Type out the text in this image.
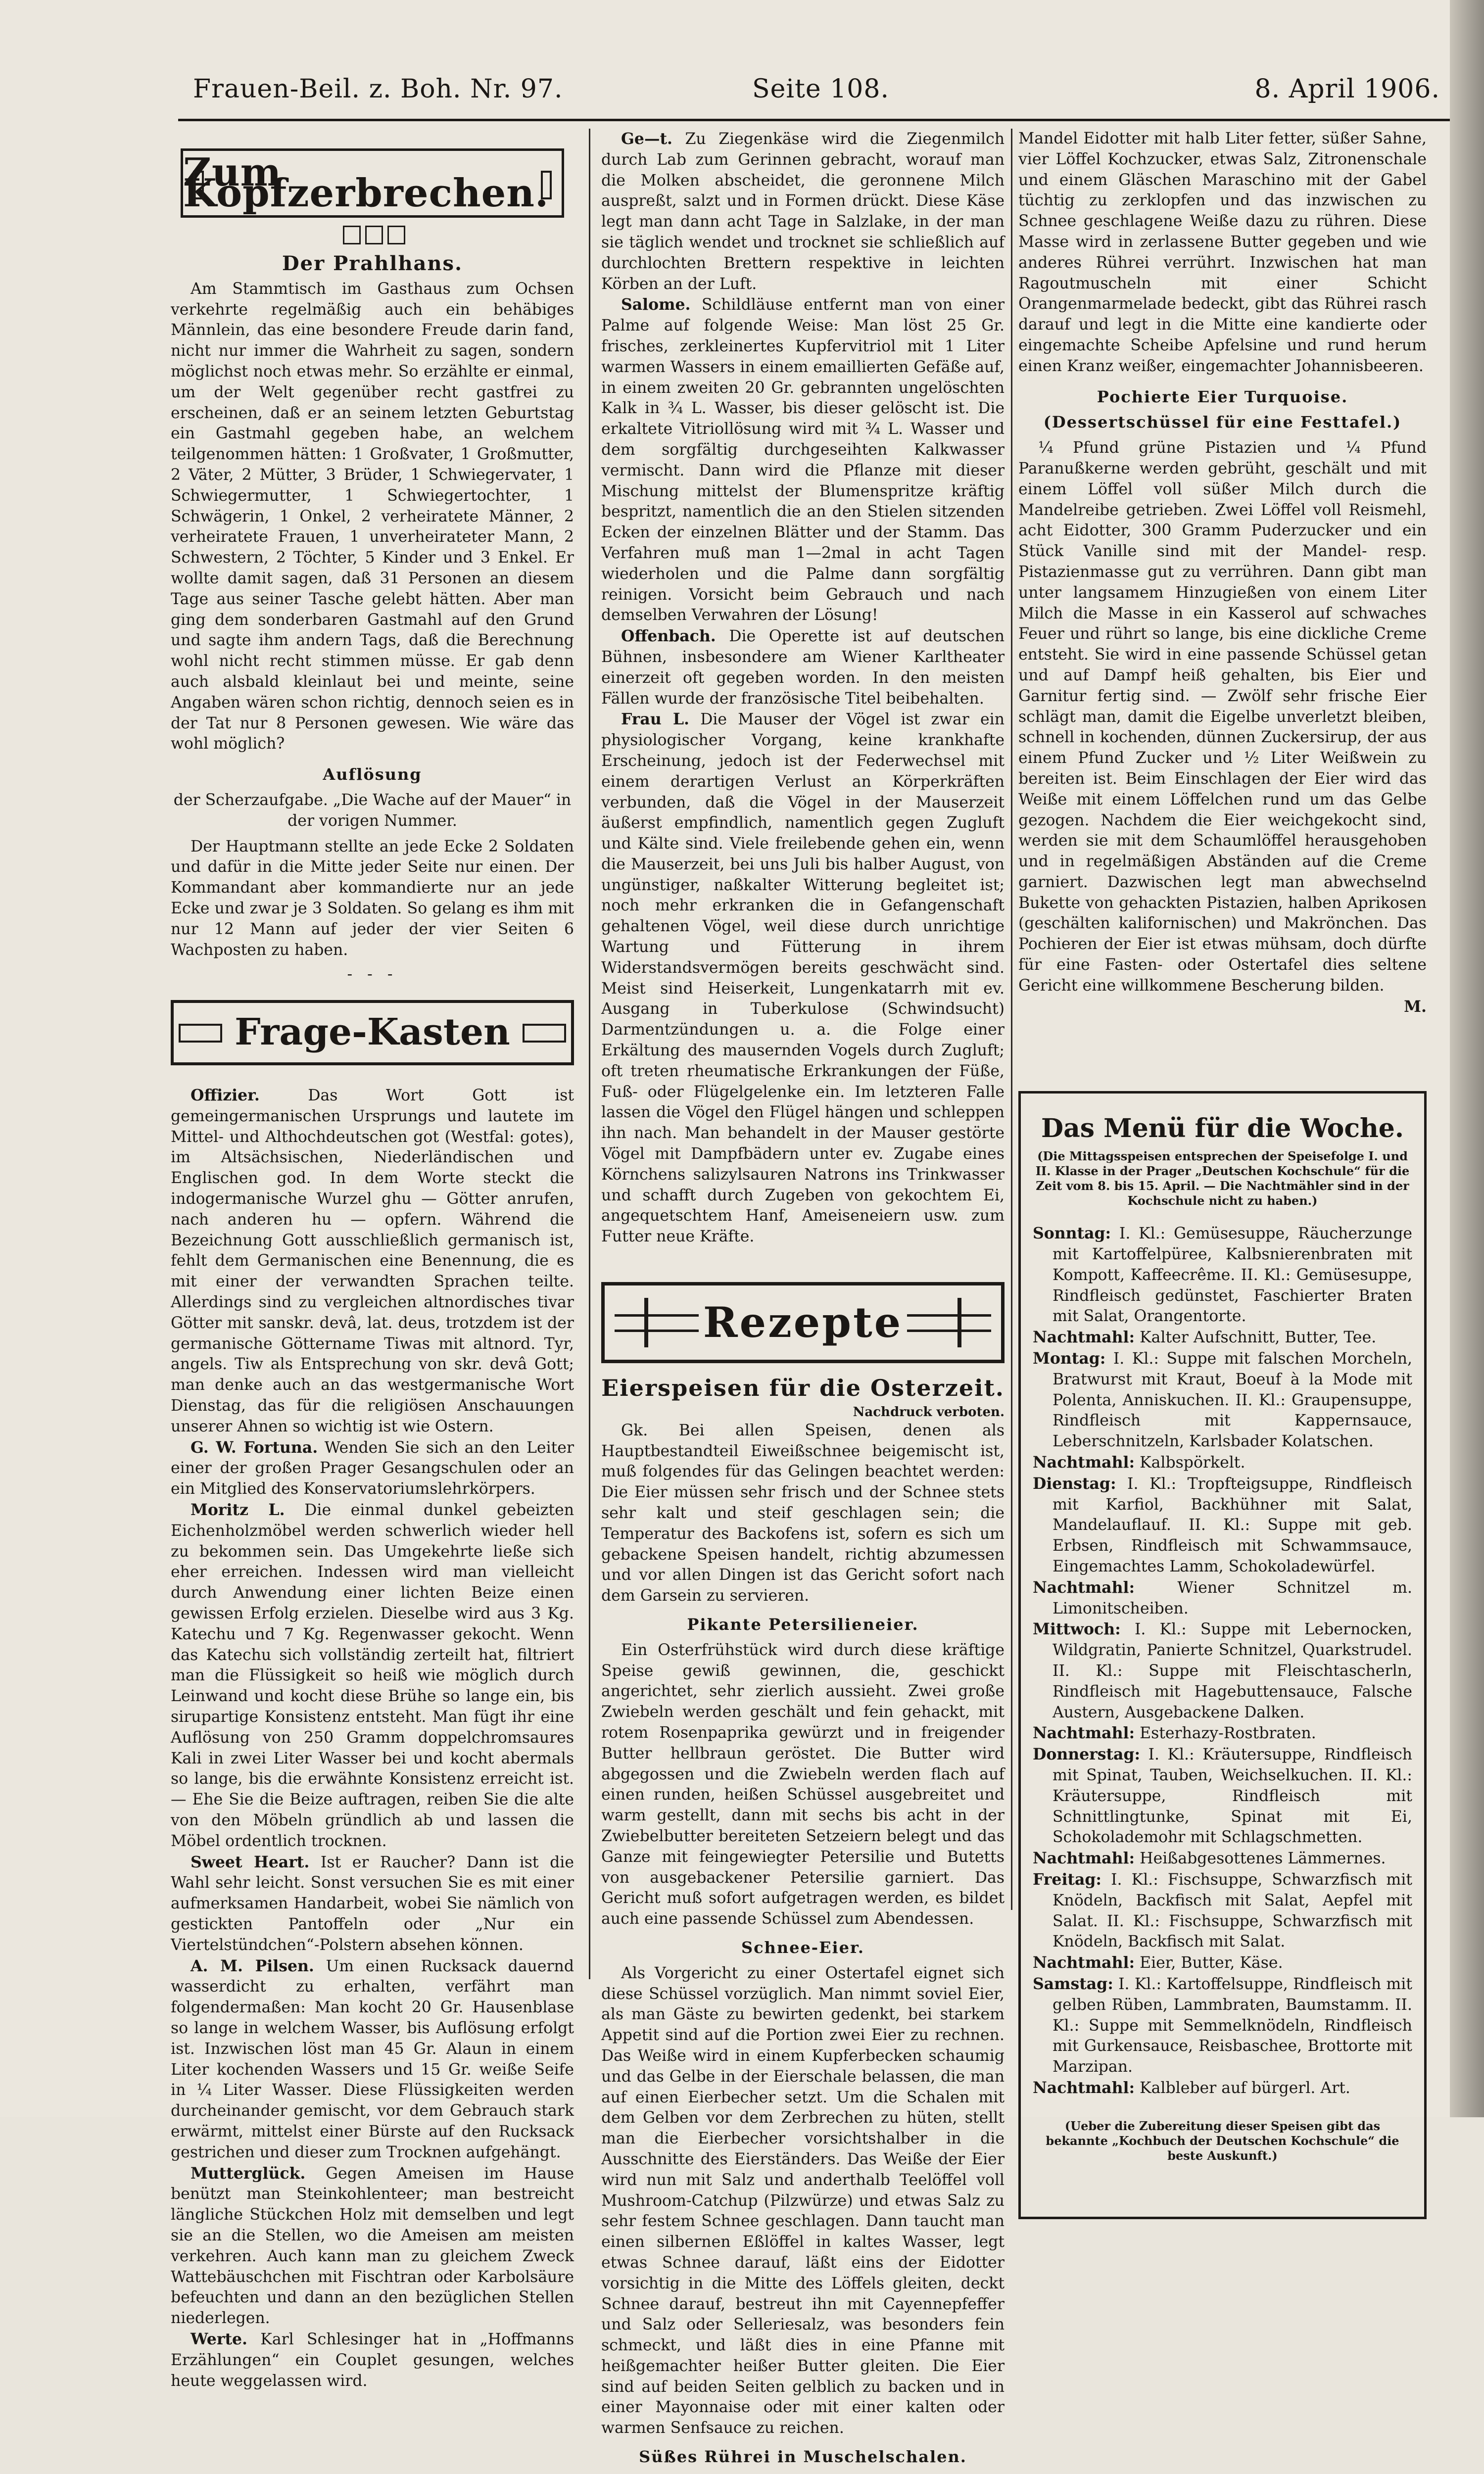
Frauen-Beil. z. Boh. Nr. 97.	Seite 108.	8. April 1906.
Zum Kopfzerbrechen.
Der Prahlhans.

Am Stammtisch im Gasthaus zum Ochsen verkehrte regelmäßig auch ein behäbiges Männlein, das eine besondere Freude darin fand, nicht nur immer die Wahrheit zu sagen, sondern möglichst noch etwas mehr. So erzählte er einmal, um der Welt gegenüber recht gastfrei zu erscheinen, daß er an seinem letzten Geburtstag ein Gastmahl gegeben habe, an welchem teilgenommen hätten: 1 Großvater, 1 Großmutter, 2 Väter, 2 Mütter, 3 Brüder, 1 Schwiegervater, 1 Schwiegermutter, 1 Schwiegertochter, 1 Schwägerin, 1 Onkel, 2 verheiratete Männer, 2 verheiratete Frauen, 1 unverheirateter Mann, 2 Schwestern, 2 Töchter, 5 Kinder und 3 Enkel. Er wollte damit sagen, daß 31 Personen an diesem Tage aus seiner Tasche gelebt hätten. Aber man ging dem sonderbaren Gastmahl auf den Grund und sagte ihm andern Tags, daß die Berechnung wohl nicht recht stimmen müsse. Er gab denn auch alsbald kleinlaut bei und meinte, seine Angaben wären schon richtig, dennoch seien es in der Tat nur 8 Personen gewesen. Wie wäre das wohl möglich?

Auflösung

der Scherzaufgabe. „Die Wache auf der Mauer“ in der vorigen Nummer.

Der Hauptmann stellte an jede Ecke 2 Soldaten und dafür in die Mitte jeder Seite nur einen. Der Kommandant aber kommandierte nur an jede Ecke und zwar je 3 Soldaten. So gelang es ihm mit nur 12 Mann auf jeder der vier Seiten 6 Wachposten zu haben.

- - -
Frage-Kasten

Offizier.	Das Wort Gott ist gemeingermanischen Ursprungs und lautete im Mittel- und Althochdeutschen got (Westfal: gotes), im Altsächsischen, Niederländischen und Englischen god. In dem Worte steckt die indogermanische Wurzel ghu — Götter anrufen, nach anderen hu — opfern. Während die Bezeichnung Gott ausschließlich germanisch ist, fehlt dem Germanischen eine Benennung, die es mit einer der verwandten Sprachen teilte. Allerdings sind zu vergleichen altnordisches tivar Götter mit sanskr. devâ, lat. deus, trotzdem ist der germanische Göttername Tiwas mit altnord. Tyr, angels. Tiw als Entsprechung von skr. devâ Gott; man denke auch an das westgermanische Wort Dienstag, das für die religiösen Anschauungen unserer Ahnen so wichtig ist wie Ostern.

G. W. Fortuna. Wenden Sie sich an den Leiter einer der großen Prager Gesangschulen oder an ein Mitglied des Konservatoriumslehrkörpers.

Moritz L. Die einmal dunkel gebeizten Eichenholzmöbel werden schwerlich wieder hell zu bekommen sein. Das Umgekehrte ließe sich eher erreichen. Indessen wird man vielleicht durch Anwendung einer lichten Beize einen gewissen Erfolg erzielen. Dieselbe wird aus 3 Kg. Katechu und 7 Kg. Regenwasser gekocht. Wenn das Katechu sich vollständig zerteilt hat, filtriert man die Flüssigkeit so heiß wie möglich durch Leinwand und kocht diese Brühe so lange ein, bis sirupartige Konsistenz entsteht. Man fügt ihr eine Auflösung von 250 Gramm doppelchromsaures Kali in zwei Liter Wasser bei und kocht abermals so lange, bis die erwähnte Konsistenz erreicht ist. — Ehe Sie die Beize auftragen, reiben Sie die alte von den Möbeln gründlich ab und lassen die Möbel ordentlich trocknen.

Sweet Heart. Ist er Raucher? Dann ist die Wahl sehr leicht. Sonst versuchen Sie es mit einer aufmerksamen Handarbeit, wobei Sie nämlich von gestickten Pantoffeln oder „Nur ein Viertelstündchen“-Polstern absehen können.

A. M. Pilsen. Um einen Rucksack dauernd wasserdicht zu erhalten, verfährt man folgendermaßen: Man kocht 20 Gr. Hausenblase so lange in welchem Wasser, bis Auflösung erfolgt ist. Inzwischen löst man 45 Gr. Alaun in einem Liter kochenden Wassers und 15 Gr. weiße Seife in ¼ Liter Wasser. Diese Flüssigkeiten werden durcheinander gemischt, vor dem Gebrauch stark erwärmt, mittelst einer Bürste auf den Rucksack gestrichen und dieser zum Trocknen aufgehängt.

Mutterglück. Gegen Ameisen im Hause benützt man Steinkohlenteer; man bestreicht längliche Stückchen Holz mit demselben und legt sie an die Stellen, wo die Ameisen am meisten verkehren. Auch kann man zu gleichem Zweck Wattebäuschchen mit Fischtran oder Karbolsäure befeuchten und dann an den bezüglichen Stellen niederlegen.

Werte. Karl Schlesinger hat in „Hoffmanns Erzählungen“ ein Couplet gesungen, welches heute weggelassen wird.

Ge—t. Zu Ziegenkäse wird die Ziegenmilch durch Lab zum Gerinnen gebracht, worauf man die Molken abscheidet, die geronnene Milch auspreßt, salzt und in Formen drückt. Diese Käse legt man dann acht Tage in Salzlake, in der man sie täglich wendet und trocknet sie schließlich auf durchlochten Brettern respektive in leichten Körben an der Luft.

Salome. Schildläuse entfernt man von einer Palme auf folgende Weise: Man löst 25 Gr. frisches, zerkleinertes Kupfervitriol mit 1 Liter warmen Wassers in einem emaillierten Gefäße auf, in einem zweiten 20 Gr. gebrannten ungelöschten Kalk in ¾ L. Wasser, bis dieser gelöscht ist. Die erkaltete Vitriollösung wird mit ¾ L. Wasser und dem sorgfältig durchgeseihten Kalkwasser vermischt. Dann wird die Pflanze mit dieser Mischung mittelst der Blumenspritze kräftig bespritzt, namentlich die an den Stielen sitzenden Ecken der einzelnen Blätter und der Stamm. Das Verfahren muß man 1—2mal in acht Tagen wiederholen und die Palme dann sorgfältig reinigen. Vorsicht beim Gebrauch und nach demselben Verwahren der Lösung!

Offenbach. Die Operette ist auf deutschen Bühnen, insbesondere am Wiener Karltheater einerzeit oft gegeben worden. In den meisten Fällen wurde der französische Titel beibehalten.

Frau L. Die Mauser der Vögel ist zwar ein physiologischer Vorgang, keine krankhafte Erscheinung, jedoch ist der Federwechsel mit einem derartigen Verlust an Körperkräften verbunden, daß die Vögel in der Mauserzeit äußerst empfindlich, namentlich gegen Zugluft und Kälte sind. Viele freilebende gehen ein, wenn die Mauserzeit, bei uns Juli bis halber August, von ungünstiger, naßkalter Witterung begleitet ist; noch mehr erkranken die in Gefangenschaft gehaltenen Vögel, weil diese durch unrichtige Wartung und Fütterung in ihrem Widerstandsvermögen bereits geschwächt sind. Meist sind Heiserkeit, Lungenkatarrh mit ev. Ausgang in Tuberkulose (Schwindsucht) Darmentzündungen u. a. die Folge einer Erkältung des mausernden Vogels durch Zugluft; oft treten rheumatische Erkrankungen der Füße, Fuß- oder Flügelgelenke ein. Im letzteren Falle lassen die Vögel den Flügel hängen und schleppen ihn nach. Man behandelt in der Mauser gestörte Vögel mit Dampfbädern unter ev. Zugabe eines Körnchens salizylsauren Natrons ins Trinkwasser und schafft durch Zugeben von gekochtem Ei, angequetschtem Hanf, Ameiseneiern usw. zum Futter neue Kräfte.

Rezepte
Eierspeisen für die Osterzeit.
Nachdruck verboten.

Gk. Bei allen Speisen, denen als Hauptbestandteil Eiweißschnee beigemischt ist, muß folgendes für das Gelingen beachtet werden: Die Eier müssen sehr frisch und der Schnee stets sehr kalt und steif geschlagen sein; die Temperatur des Backofens ist, sofern es sich um gebackene Speisen handelt, richtig abzumessen und vor allen Dingen ist das Gericht sofort nach dem Garsein zu servieren.

Pikante Petersilieneier.

Ein Osterfrühstück wird durch diese kräftige Speise gewiß gewinnen, die, geschickt angerichtet, sehr zierlich aussieht. Zwei große Zwiebeln werden geschält und fein gehackt, mit rotem Rosenpaprika gewürzt und in freigender Butter hellbraun geröstet. Die Butter wird abgegossen und die Zwiebeln werden flach auf einen runden, heißen Schüssel ausgebreitet und warm gestellt, dann mit sechs bis acht in der Zwiebelbutter bereiteten Setzeiern belegt und das Ganze mit feingewiegter Petersilie und Butetts von ausgebackener Petersilie garniert. Das Gericht muß sofort aufgetragen werden, es bildet auch eine passende Schüssel zum Abendessen.

Schnee-Eier.

Als Vorgericht zu einer Ostertafel eignet sich diese Schüssel vorzüglich. Man nimmt soviel Eier, als man Gäste zu bewirten gedenkt, bei starkem Appetit sind auf die Portion zwei Eier zu rechnen. Das Weiße wird in einem Kupferbecken schaumig und das Gelbe in der Eierschale belassen, die man auf einen Eierbecher setzt. Um die Schalen mit dem Gelben vor dem Zerbrechen zu hüten, stellt man die Eierbecher vorsichtshalber in die Ausschnitte des Eierständers. Das Weiße der Eier wird nun mit Salz und anderthalb Teelöffel voll Mushroom-Catchup (Pilzwürze) und etwas Salz zu sehr festem Schnee geschlagen. Dann taucht man einen silbernen Eßlöffel in kaltes Wasser, legt etwas Schnee darauf, läßt eins der Eidotter vorsichtig in die Mitte des Löffels gleiten, deckt Schnee darauf, bestreut ihn mit Cayennepfeffer und Salz oder Selleriesalz, was besonders fein schmeckt, und läßt dies in eine Pfanne mit heißgemachter heißer Butter gleiten. Die Eier sind auf beiden Seiten gelblich zu backen und in einer Mayonnaise oder mit einer kalten oder warmen Senfsauce zu reichen.

Süßes Rührei in Muschelschalen.

Mandel Eidotter mit halb Liter fetter, süßer Sahne, vier Löffel Kochzucker, etwas Salz, Zitronenschale und einem Gläschen Maraschino mit der Gabel tüchtig zu zerklopfen und das inzwischen zu Schnee geschlagene Weiße dazu zu rühren. Diese Masse wird in zerlassene Butter gegeben und wie anderes Rührei verrührt. Inzwischen hat man Ragoutmuscheln mit einer Schicht Orangenmarmelade bedeckt, gibt das Rührei rasch darauf und legt in die Mitte eine kandierte oder eingemachte Scheibe Apfelsine und rund herum einen Kranz weißer, eingemachter Johannisbeeren.

Pochierte Eier Turquoise.
(Dessertschüssel für eine Festtafel.)

¼ Pfund grüne Pistazien und ¼ Pfund Paranußkerne werden gebrüht, geschält und mit einem Löffel voll süßer Milch durch die Mandelreibe getrieben. Zwei Löffel voll Reismehl, acht Eidotter, 300 Gramm Puderzucker und ein Stück Vanille sind mit der Mandel- resp. Pistazienmasse gut zu verrühren. Dann gibt man unter langsamem Hinzugießen von einem Liter Milch die Masse in ein Kasserol auf schwaches Feuer und rührt so lange, bis eine dickliche Creme entsteht. Sie wird in eine passende Schüssel getan und auf Dampf heiß gehalten, bis Eier und Garnitur fertig sind. — Zwölf sehr frische Eier schlägt man, damit die Eigelbe unverletzt bleiben, schnell in kochenden, dünnen Zuckersirup, der aus einem Pfund Zucker und ½ Liter Weißwein zu bereiten ist. Beim Einschlagen der Eier wird das Weiße mit einem Löffelchen rund um das Gelbe gezogen. Nachdem die Eier weichgekocht sind, werden sie mit dem Schaumlöffel herausgehoben und in regelmäßigen Abständen auf die Creme garniert. Dazwischen legt man abwechselnd Bukette von gehackten Pistazien, halben Aprikosen (geschälten kalifornischen) und Makrönchen. Das Pochieren der Eier ist etwas mühsam, doch dürfte für eine Fasten- oder Ostertafel dies seltene Gericht eine willkommene Bescherung bilden.

M.
Das Menü für die Woche.
(Die Mittagsspeisen entsprechen der Speisefolge I. und II. Klasse in der Prager „Deutschen Kochschule“ für die Zeit vom 8. bis 15. April. — Die Nachtmähler sind in der Kochschule nicht zu haben.)

Sonntag: I. Kl.: Gemüsesuppe, Räucherzunge mit Kartoffelpüree, Kalbsnierenbraten mit Kompott, Kaffeecrême. II. Kl.: Gemüsesuppe, Rindfleisch gedünstet, Faschierter Braten mit Salat, Orangentorte.

Nachtmahl: Kalter Aufschnitt, Butter, Tee.

Montag: I. Kl.: Suppe mit falschen Morcheln, Bratwurst mit Kraut, Boeuf à la Mode mit Polenta, Anniskuchen. II. Kl.: Graupensuppe, Rindfleisch mit Kappernsauce, Leberschnitzeln, Karlsbader Kolatschen.

Nachtmahl: Kalbspörkelt.

Dienstag: I. Kl.: Tropfteigsuppe, Rindfleisch mit Karfiol, Backhühner mit Salat, Mandelauflauf. II. Kl.: Suppe mit geb. Erbsen, Rindfleisch mit Schwammsauce, Eingemachtes Lamm, Schokoladewürfel.

Nachtmahl:	Wiener Schnitzel m. Limonitscheiben.

Mittwoch: I. Kl.: Suppe mit Lebernocken, Wildgratin, Panierte Schnitzel, Quarkstrudel. II. Kl.: Suppe mit Fleischtascherln, Rindfleisch mit Hagebuttensauce, Falsche Austern, Ausgebackene Dalken.

Nachtmahl: Esterhazy-Rostbraten.

Donnerstag: I. Kl.: Kräutersuppe, Rindfleisch mit Spinat, Tauben, Weichselkuchen. II. Kl.: Kräutersuppe, Rindfleisch mit Schnittlingtunke, Spinat mit Ei, Schokolademohr mit Schlagschmetten.

Nachtmahl: Heißabgesottenes Lämmernes.

Freitag: I. Kl.: Fischsuppe, Schwarzfisch mit Knödeln, Backfisch mit Salat, Aepfel mit Salat. II. Kl.: Fischsuppe, Schwarzfisch mit Knödeln, Backfisch mit Salat.

Nachtmahl: Eier, Butter, Käse.

Samstag: I. Kl.: Kartoffelsuppe, Rindfleisch mit gelben Rüben, Lammbraten, Baumstamm. II. Kl.: Suppe mit Semmelknödeln, Rindfleisch mit Gurkensauce, Reisbaschee, Brottorte mit Marzipan.

Nachtmahl: Kalbleber auf bürgerl. Art.

(Ueber die Zubereitung dieser Speisen gibt das bekannte „Kochbuch der Deutschen Kochschule“ die beste Auskunft.)
